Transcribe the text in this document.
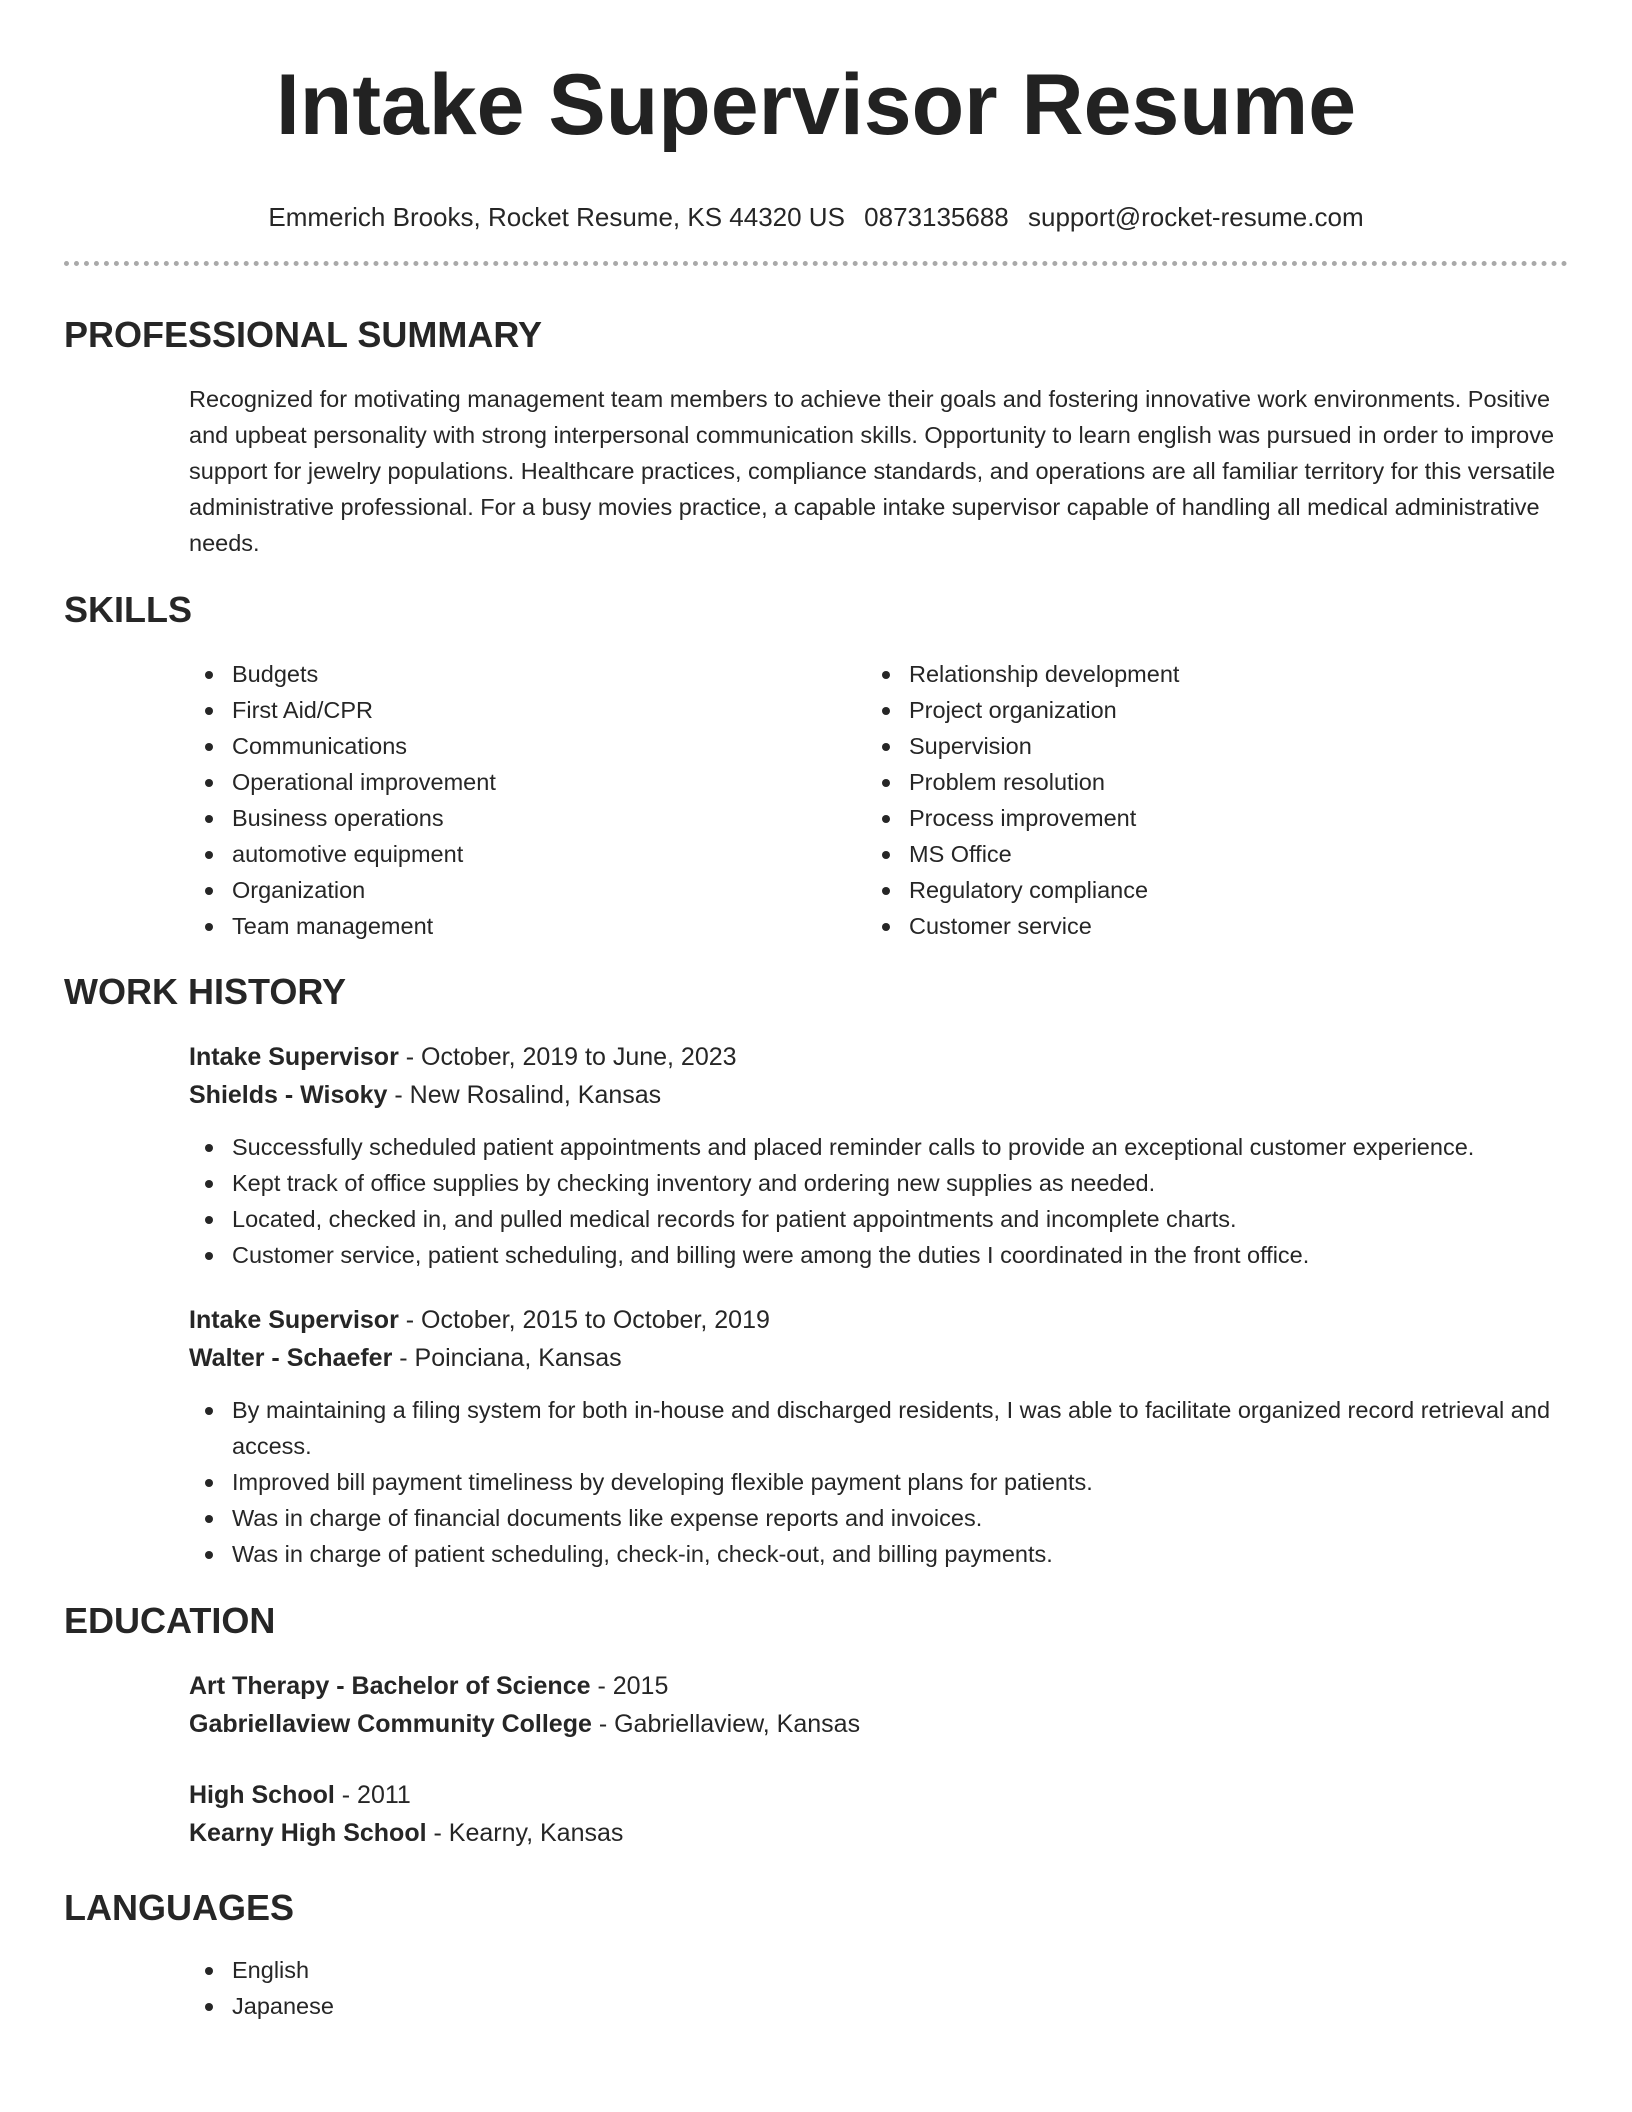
Intake Supervisor Resume
Emmerich Brooks, Rocket Resume, KS 44320 US 0873135688 support@rocket-resume.com
PROFESSIONAL SUMMARY

Recognized for motivating management team members to achieve their goals and fostering innovative work environments. Positive and upbeat personality with strong interpersonal communication skills. Opportunity to learn english was pursued in order to improve support for jewelry populations. Healthcare practices, compliance standards, and operations are all familiar territory for this versatile administrative professional. For a busy movies practice, a capable intake supervisor capable of handling all medical administrative needs.

SKILLS
Budgets
First Aid/CPR
Communications
Operational improvement
Business operations
automotive equipment
Organization
Team management
Relationship development
Project organization
Supervision
Problem resolution
Process improvement
MS Office
Regulatory compliance
Customer service
WORK HISTORY
Intake Supervisor - October, 2019 to June, 2023
Shields - Wisoky - New Rosalind, Kansas
Successfully scheduled patient appointments and placed reminder calls to provide an exceptional customer experience.
Kept track of office supplies by checking inventory and ordering new supplies as needed.
Located, checked in, and pulled medical records for patient appointments and incomplete charts.
Customer service, patient scheduling, and billing were among the duties I coordinated in the front office.
Intake Supervisor - October, 2015 to October, 2019
Walter - Schaefer - Poinciana, Kansas
By maintaining a filing system for both in-house and discharged residents, I was able to facilitate organized record retrieval and access.
Improved bill payment timeliness by developing flexible payment plans for patients.
Was in charge of financial documents like expense reports and invoices.
Was in charge of patient scheduling, check-in, check-out, and billing payments.
EDUCATION
Art Therapy - Bachelor of Science - 2015
Gabriellaview Community College - Gabriellaview, Kansas
High School - 2011
Kearny High School - Kearny, Kansas
LANGUAGES
English
Japanese
